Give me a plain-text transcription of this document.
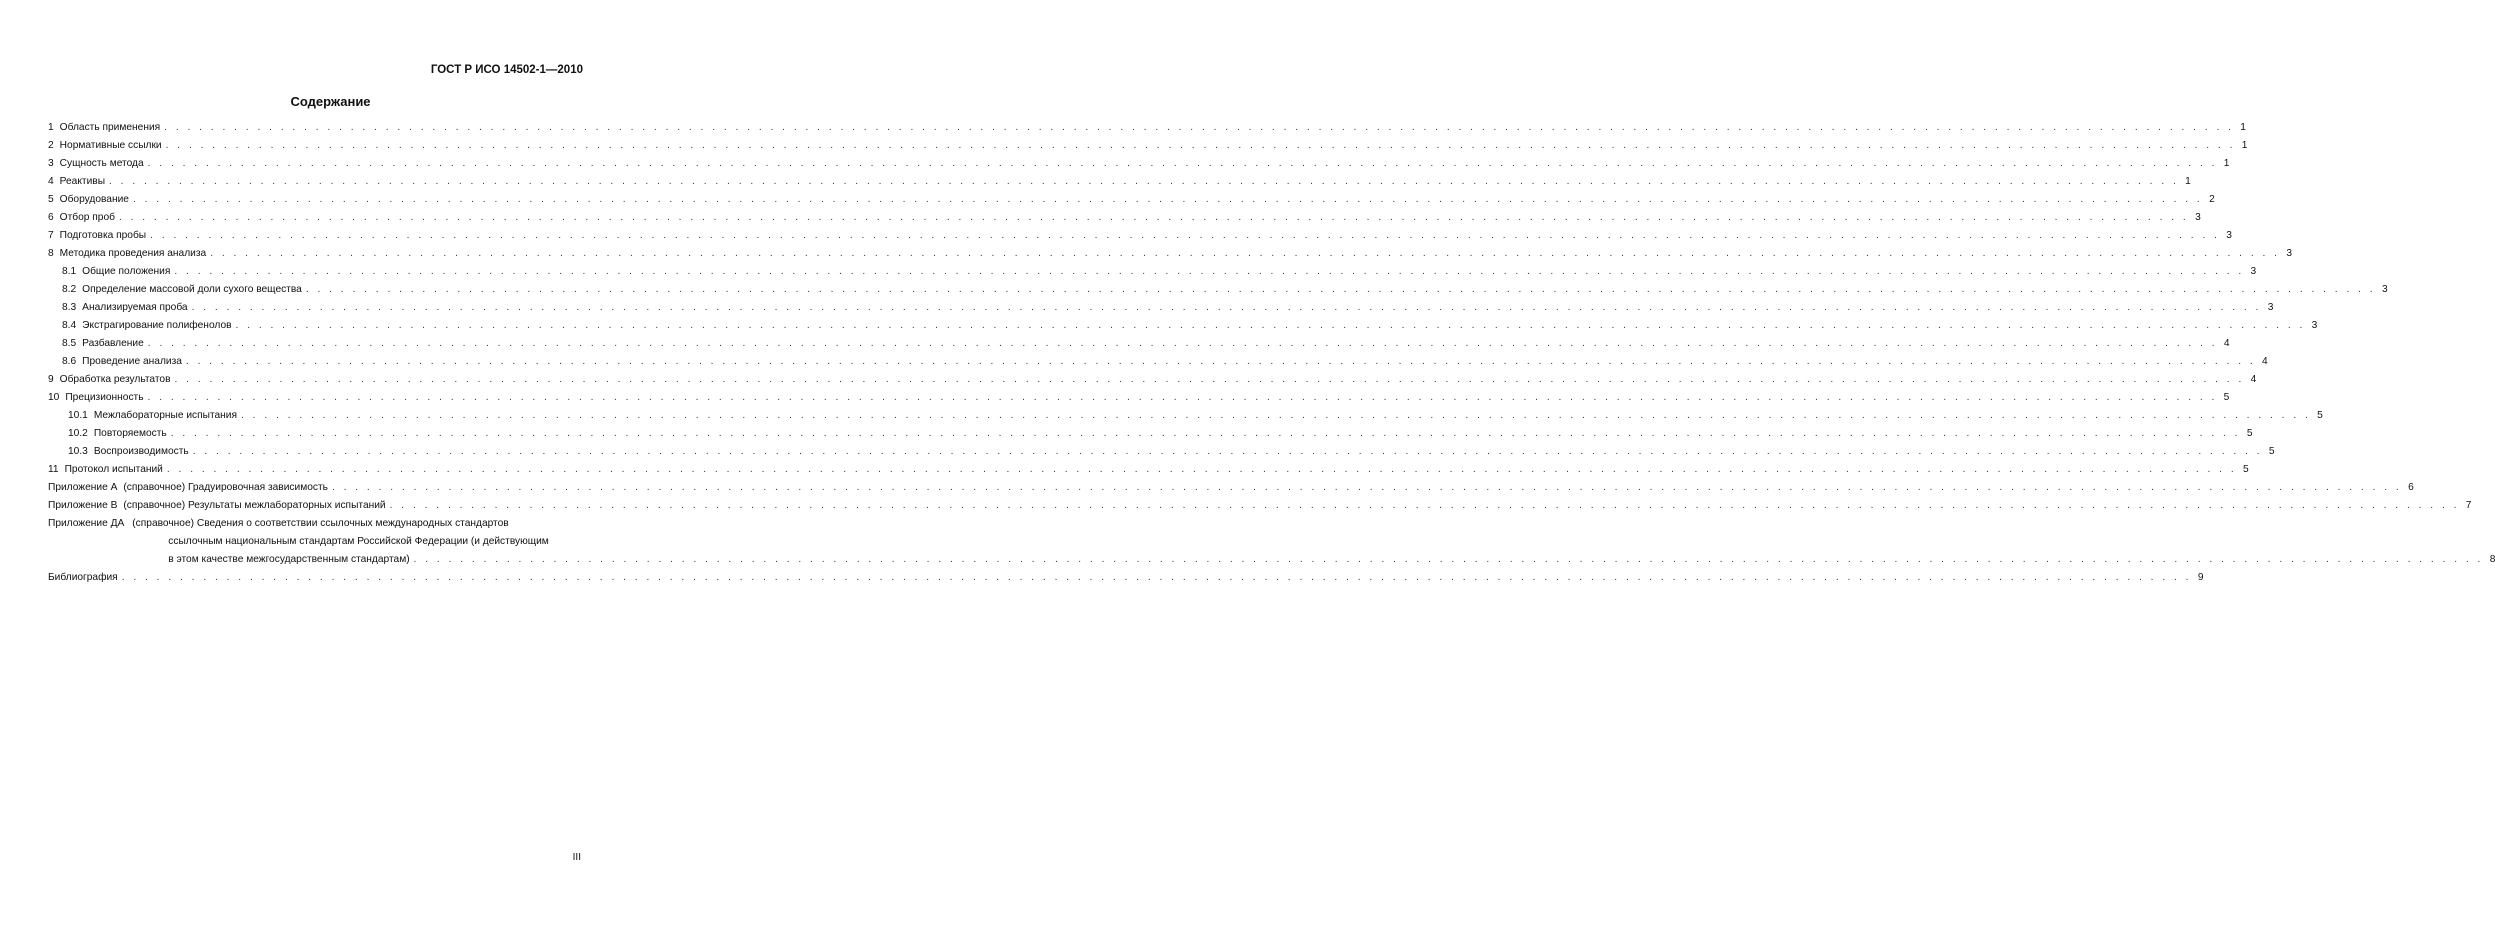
ГОСТ Р ИСО 14502-1—2010
Содержание
1 Область применения . . .	1
2 Нормативные ссылки . . .	1
3 Сущность метода . . .	1
4 Реактивы . . .	1
5 Оборудование . . .	2
6 Отбор проб . . .	3
7 Подготовка пробы . . .	3
8 Методика проведения анализа . . .	3
8.1 Общие положения . . .	3
8.2 Определение массовой доли сухого вещества . . .	3
8.3 Анализируемая проба . . .	3
8.4 Экстрагирование полифенолов . . .	3
8.5 Разбавление . . .	4
8.6 Проведение анализа . . .	4
9 Обработка результатов . . .	4
10 Прецизионность . . .	5
10.1 Межлабораторные испытания . . .	5
10.2 Повторяемость . . .	5
10.3 Воспроизводимость . . .	5
11 Протокол испытаний . . .	5
Приложение А (справочное) Градуировочная зависимость . . .	6
Приложение В (справочное) Результаты межлабораторных испытаний . . .	7
Приложение ДА (справочное) Сведения о соответствии ссылочных международных стандартов
ссылочным национальным стандартам Российской Федерации (и действующим
в этом качестве межгосударственным стандартам) . . .	8
Библиография . . .	9
III
